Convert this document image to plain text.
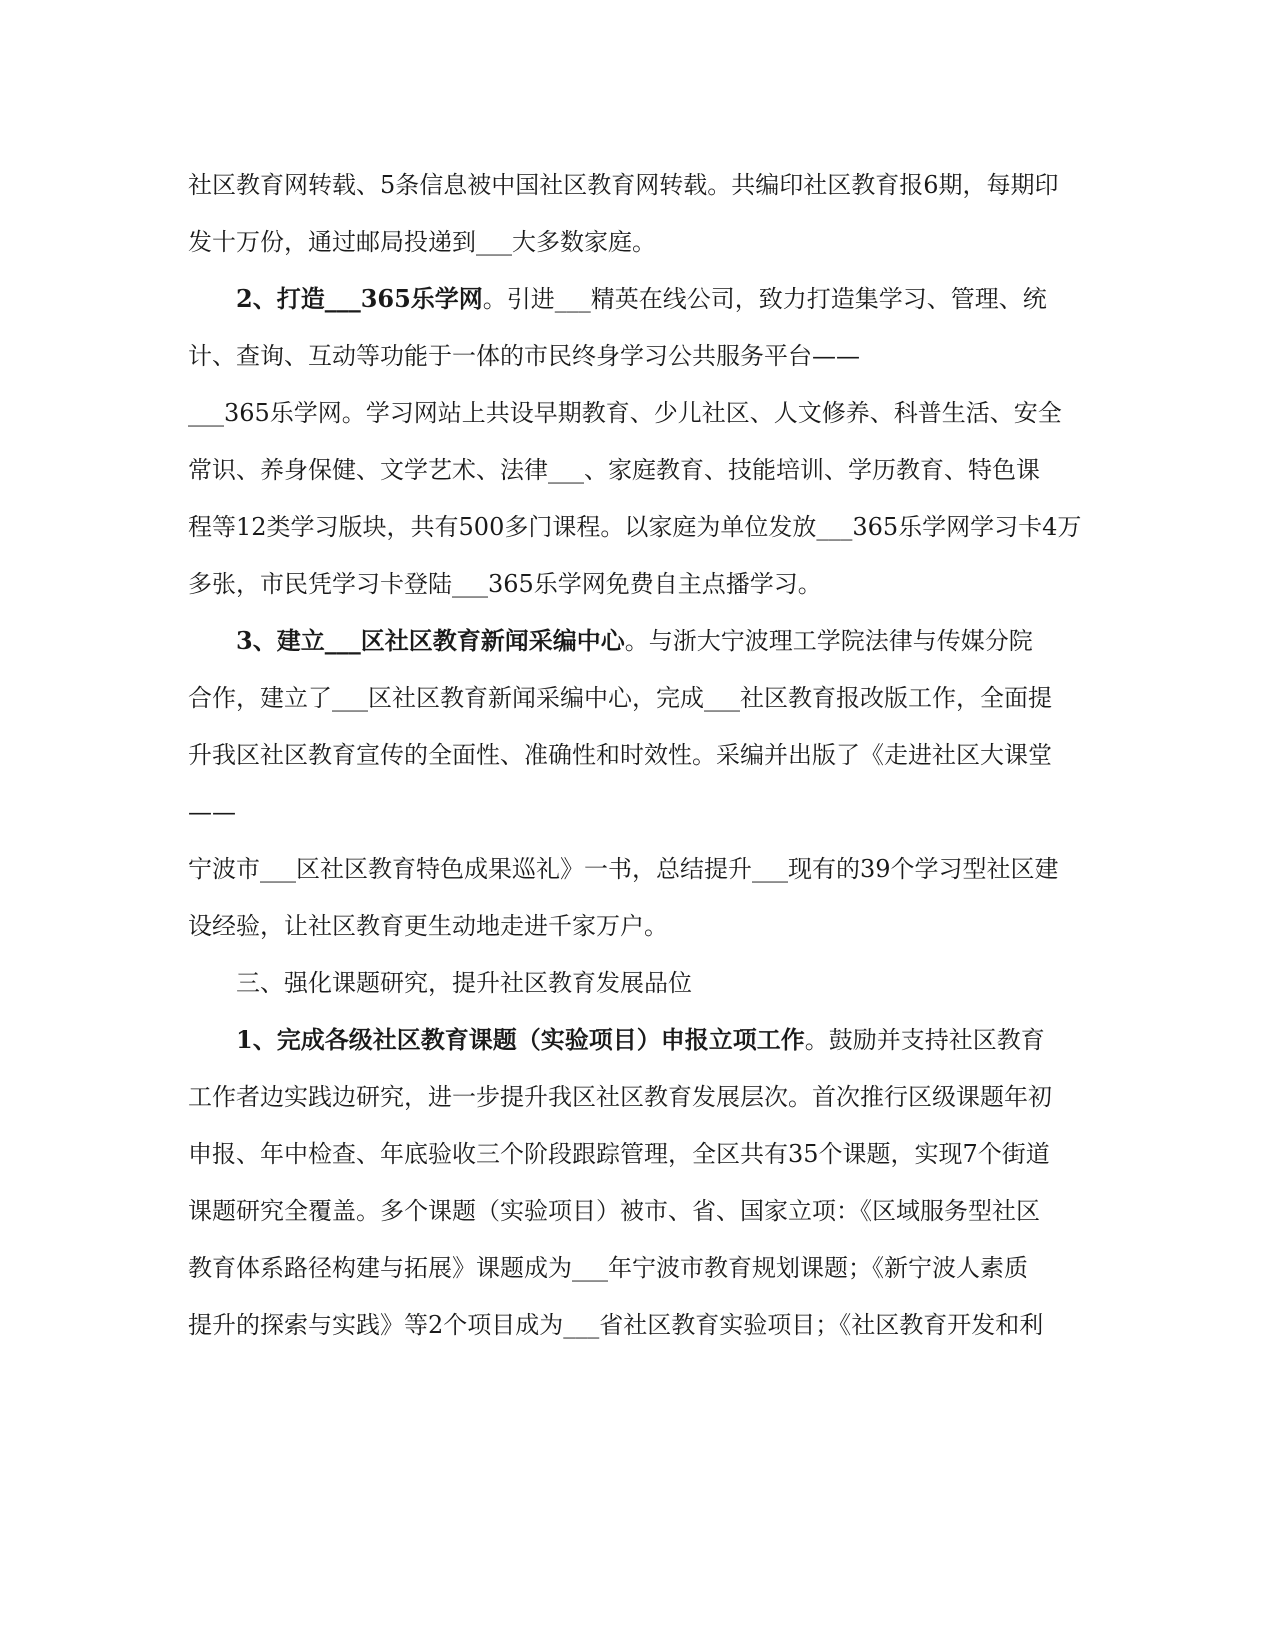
社区教育网转载、5条信息被中国社区教育网转载。共编印社区教育报6期，每期印

发十万份，通过邮局投递到___大多数家庭。

2、打造___365乐学网。引进___精英在线公司，致力打造集学习、管理、统

计、查询、互动等功能于一体的市民终身学习公共服务平台——

___365乐学网。学习网站上共设早期教育、少儿社区、人文修养、科普生活、安全

常识、养身保健、文学艺术、法律___、家庭教育、技能培训、学历教育、特色课

程等12类学习版块，共有500多门课程。以家庭为单位发放___365乐学网学习卡4万

多张，市民凭学习卡登陆___365乐学网免费自主点播学习。

3、建立___区社区教育新闻采编中心。与浙大宁波理工学院法律与传媒分院

合作，建立了___区社区教育新闻采编中心，完成___社区教育报改版工作，全面提

升我区社区教育宣传的全面性、准确性和时效性。采编并出版了《走进社区大课堂

——

宁波市___区社区教育特色成果巡礼》一书，总结提升___现有的39个学习型社区建

设经验，让社区教育更生动地走进千家万户。

三、强化课题研究，提升社区教育发展品位

1、完成各级社区教育课题（实验项目）申报立项工作。鼓励并支持社区教育

工作者边实践边研究，进一步提升我区社区教育发展层次。首次推行区级课题年初

申报、年中检查、年底验收三个阶段跟踪管理，全区共有35个课题，实现7个街道

课题研究全覆盖。多个课题（实验项目）被市、省、国家立项：《区域服务型社区

教育体系路径构建与拓展》课题成为___年宁波市教育规划课题；《新宁波人素质

提升的探索与实践》等2个项目成为___省社区教育实验项目；《社区教育开发和利
